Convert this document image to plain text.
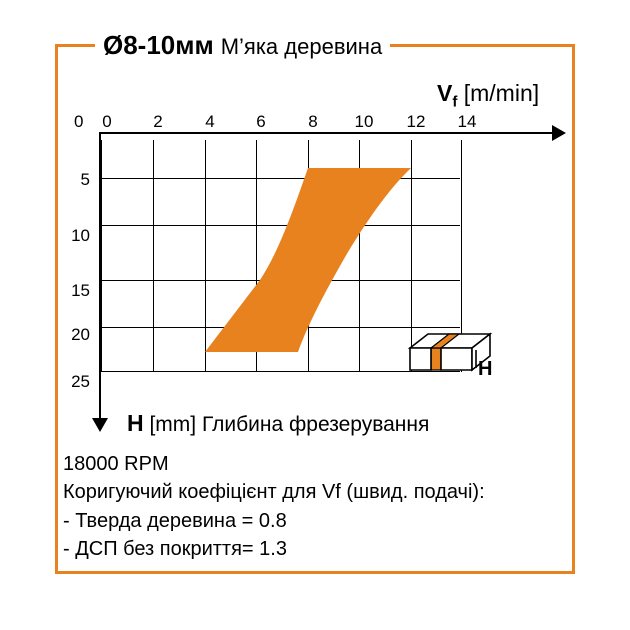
Ø8-10мм М’яка деревина
0	0	2	4	6	8	10	12	14
5
10
15
20
25
$V_f$ [m/min]
H [mm] Глибина фрезерування
H
18000 RPM
Коригуючий коефіцієнт для Vf (швид. подачі):
- Тверда деревина = 0.8
- ДСП без покриття= 1.3
